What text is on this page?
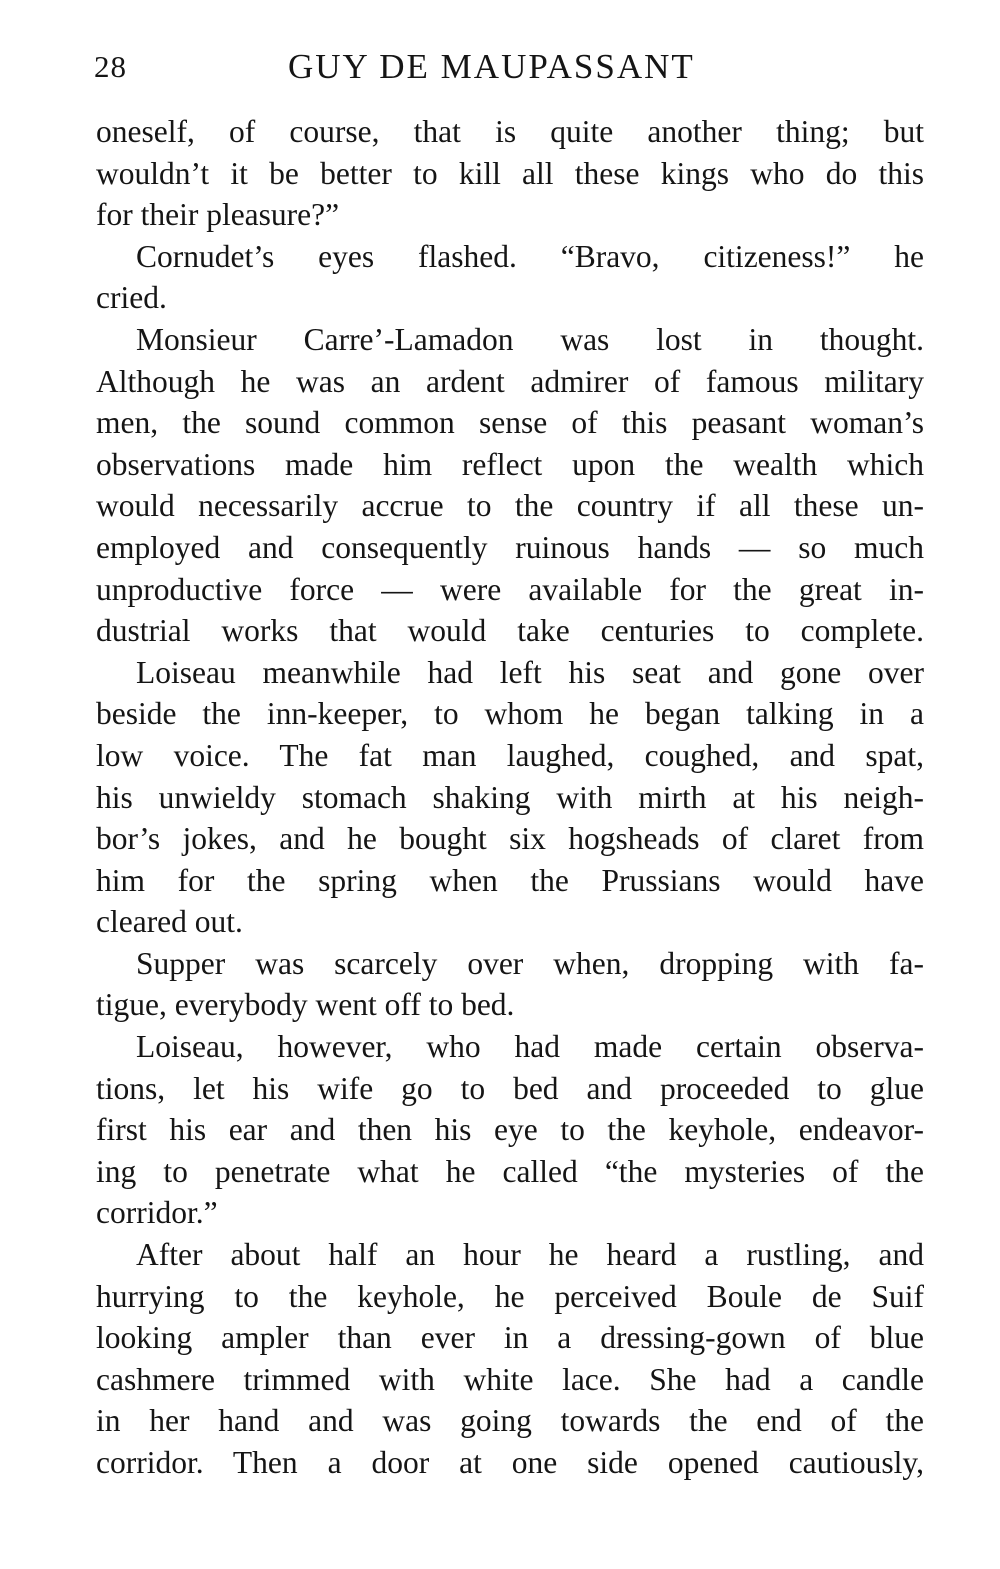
28	GUY DE MAUPASSANT
oneself, of course, that is quite another thing; but
wouldn’t it be better to kill all these kings who do this
for their pleasure?”
Cornudet’s eyes flashed. “Bravo, citizeness!” he
cried.
Monsieur Carre’-Lamadon was lost in thought.
Although he was an ardent admirer of famous military
men, the sound common sense of this peasant woman’s
observations made him reflect upon the wealth which
would necessarily accrue to the country if all these un-
employed and consequently ruinous hands — so much
unproductive force — were available for the great in-
dustrial works that would take centuries to complete.
Loiseau meanwhile had left his seat and gone over
beside the inn-keeper, to whom he began talking in a
low voice. The fat man laughed, coughed, and spat,
his unwieldy stomach shaking with mirth at his neigh-
bor’s jokes, and he bought six hogsheads of claret from
him for the spring when the Prussians would have
cleared out.
Supper was scarcely over when, dropping with fa-
tigue, everybody went off to bed.
Loiseau, however, who had made certain observa-
tions, let his wife go to bed and proceeded to glue
first his ear and then his eye to the keyhole, endeavor-
ing to penetrate what he called “the mysteries of the
corridor.”
After about half an hour he heard a rustling, and
hurrying to the keyhole, he perceived Boule de Suif
looking ampler than ever in a dressing-gown of blue
cashmere trimmed with white lace. She had a candle
in her hand and was going towards the end of the
corridor. Then a door at one side opened cautiously,
